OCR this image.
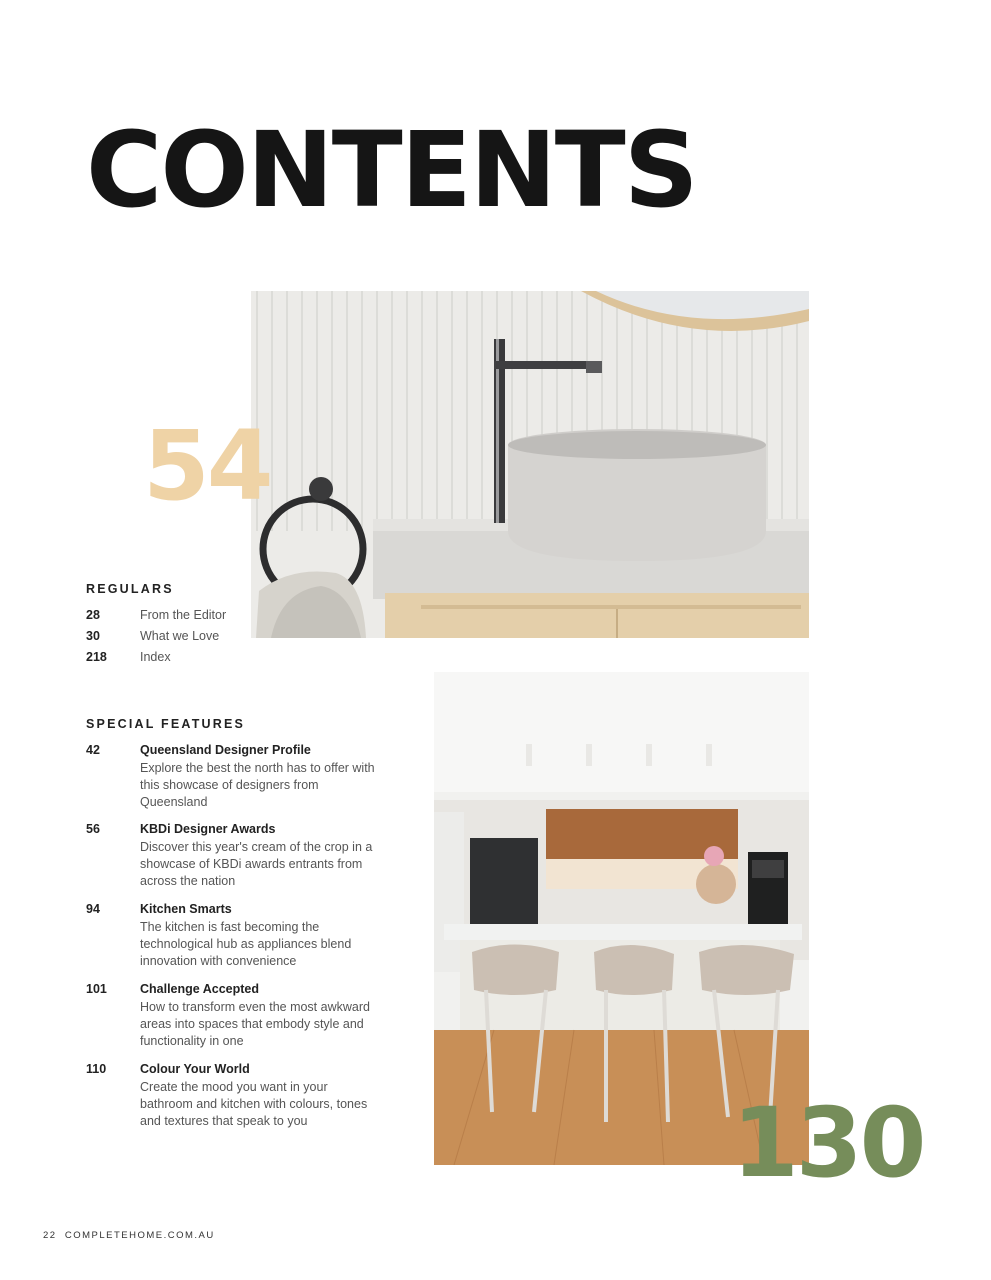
CONTENTS
54
130
REGULARS
28	From the Editor
30	What we Love
218	Index
SPECIAL FEATURES
42	Queensland Designer Profile
Explore the best the north has to offer with this showcase of designers from Queensland
56	KBDi Designer Awards
Discover this year's cream of the crop in a showcase of KBDi awards entrants from across the nation
94	Kitchen Smarts
The kitchen is fast becoming the technological hub as appliances blend innovation with convenience
101	Challenge Accepted
How to transform even the most awkward areas into spaces that embody style and functionality in one
110	Colour Your World
Create the mood you want in your bathroom and kitchen with colours, tones and textures that speak to you
22 COMPLETEHOME.COM.AU
